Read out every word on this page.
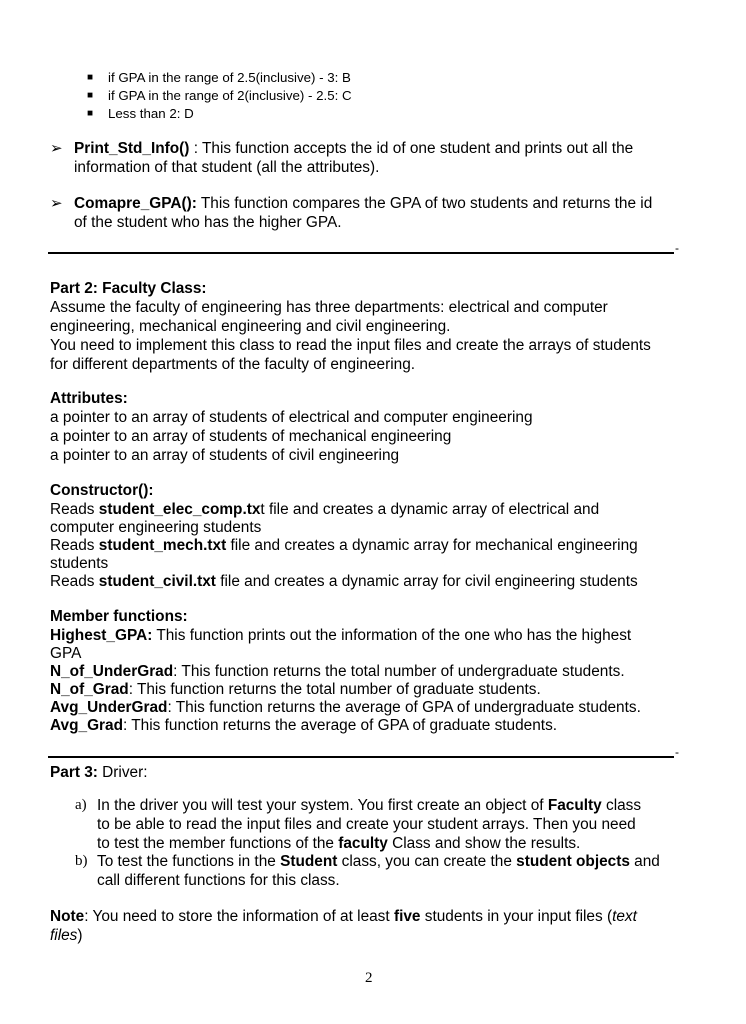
■ if GPA in the range of 2.5(inclusive) - 3: B
■ if GPA in the range of 2(inclusive) - 2.5: C
■ Less than 2: D
➢ Print_Std_Info() : This function accepts the id of one student and prints out all the
information of that student (all the attributes).
➢ Comapre_GPA(): This function compares the GPA of two students and returns the id
of the student who has the higher GPA.
-
Part 2: Faculty Class:
Assume the faculty of engineering has three departments: electrical and computer
engineering, mechanical engineering and civil engineering.
You need to implement this class to read the input files and create the arrays of students
for different departments of the faculty of engineering.
Attributes:
a pointer to an array of students of electrical and computer engineering
a pointer to an array of students of mechanical engineering
a pointer to an array of students of civil engineering
Constructor():
Reads student_elec_comp.txt file and creates a dynamic array of electrical and
computer engineering students
Reads student_mech.txt file and creates a dynamic array for mechanical engineering
students
Reads student_civil.txt file and creates a dynamic array for civil engineering students
Member functions:
Highest_GPA: This function prints out the information of the one who has the highest
GPA
N_of_UnderGrad: This function returns the total number of undergraduate students.
N_of_Grad: This function returns the total number of graduate students.
Avg_UnderGrad: This function returns the average of GPA of undergraduate students.
Avg_Grad: This function returns the average of GPA of graduate students.
-
Part 3: Driver:
a) In the driver you will test your system. You first create an object of Faculty class
to be able to read the input files and create your student arrays. Then you need
to test the member functions of the faculty Class and show the results.
b) To test the functions in the Student class, you can create the student objects and
call different functions for this class.
Note: You need to store the information of at least five students in your input files (text
files)
2
